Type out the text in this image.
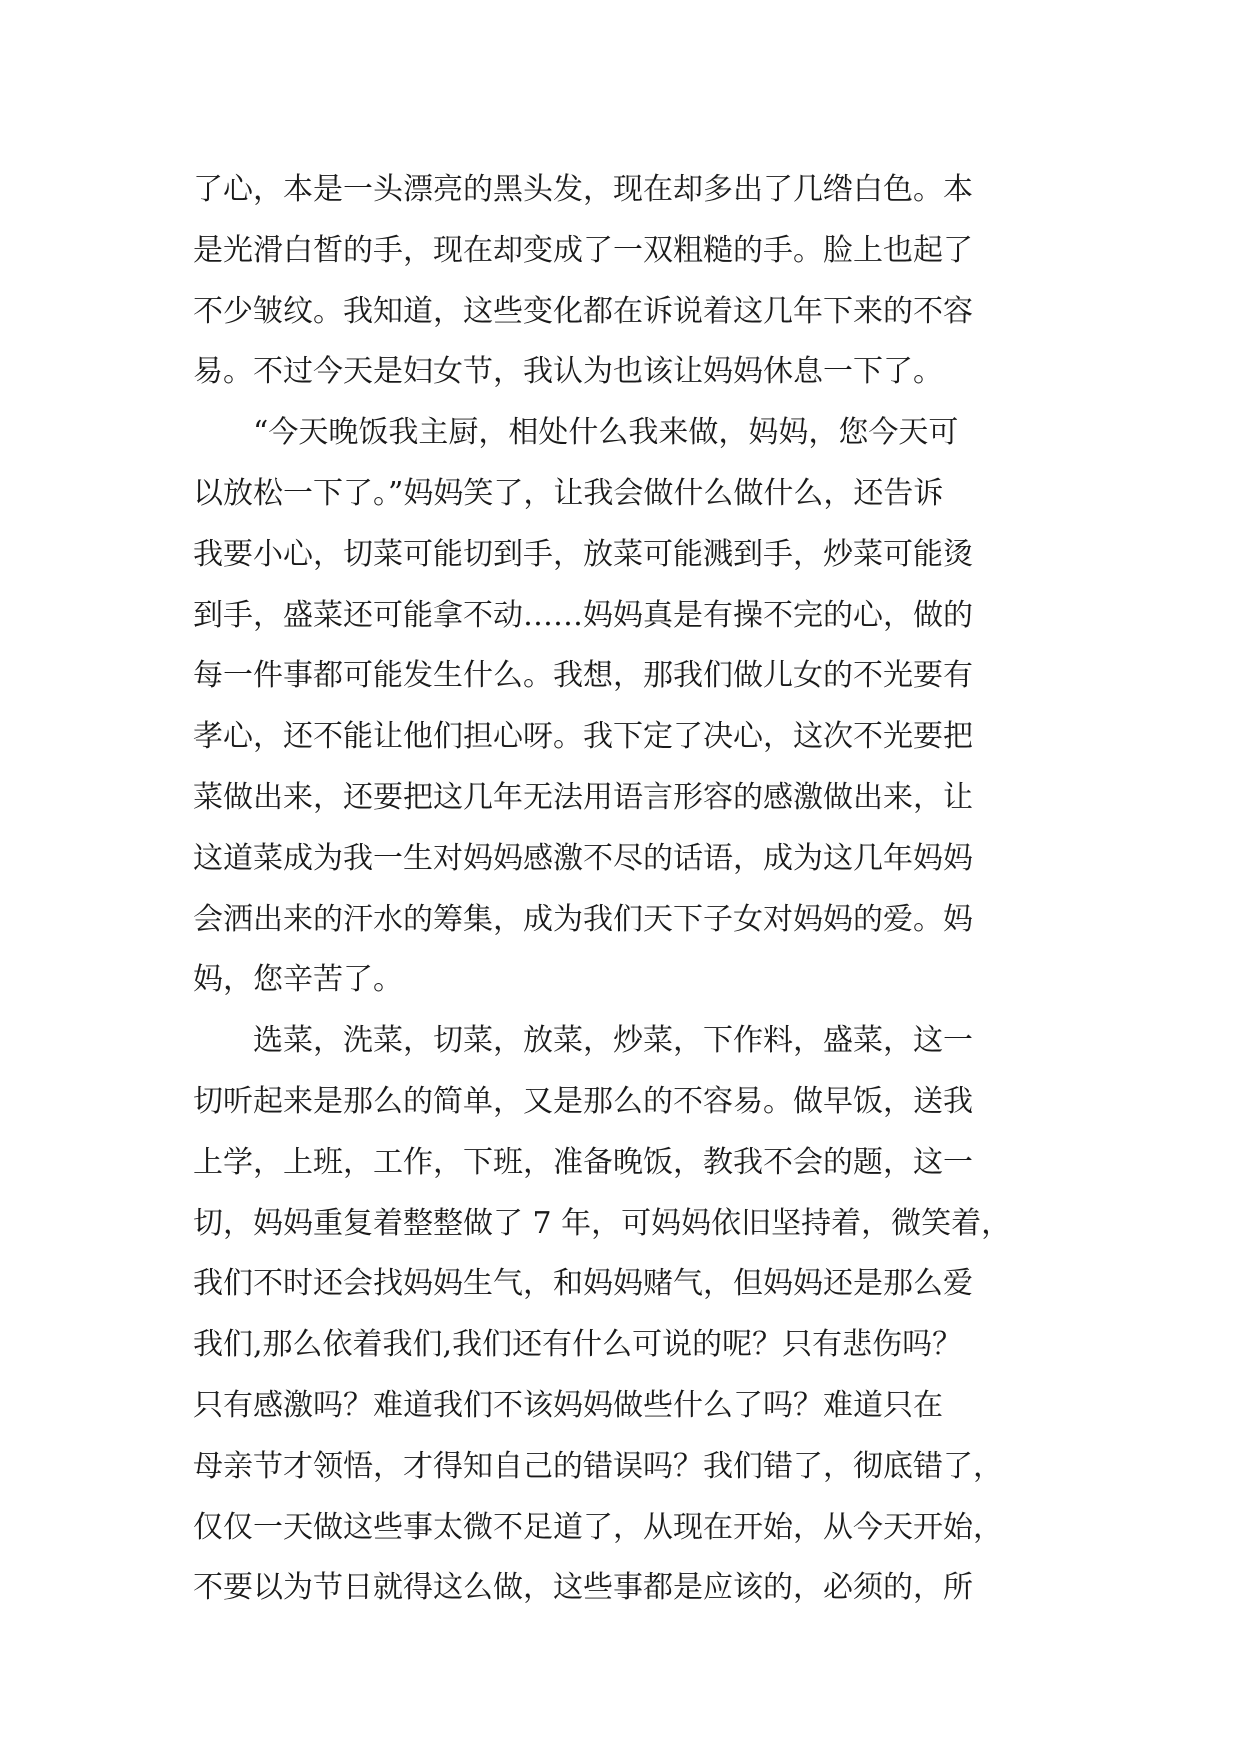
了心，本是一头漂亮的黑头发，现在却多出了几绺白色。本
是光滑白皙的手，现在却变成了一双粗糙的手。脸上也起了
不少皱纹。我知道，这些变化都在诉说着这几年下来的不容
易。不过今天是妇女节，我认为也该让妈妈休息一下了。
　　“今天晚饭我主厨，相处什么我来做，妈妈，您今天可
以放松一下了。”妈妈笑了，让我会做什么做什么，还告诉
我要小心，切菜可能切到手，放菜可能溅到手，炒菜可能烫
到手，盛菜还可能拿不动……妈妈真是有操不完的心，做的
每一件事都可能发生什么。我想，那我们做儿女的不光要有
孝心，还不能让他们担心呀。我下定了决心，这次不光要把
菜做出来，还要把这几年无法用语言形容的感激做出来，让
这道菜成为我一生对妈妈感激不尽的话语，成为这几年妈妈
会洒出来的汗水的筹集，成为我们天下子女对妈妈的爱。妈
妈，您辛苦了。
　　选菜，洗菜，切菜，放菜，炒菜，下作料，盛菜，这一
切听起来是那么的简单，又是那么的不容易。做早饭，送我
上学，上班，工作，下班，准备晚饭，教我不会的题，这一
切，妈妈重复着整整做了 7 年，可妈妈依旧坚持着，微笑着，
我们不时还会找妈妈生气，和妈妈赌气，但妈妈还是那么爱
我们,那么依着我们,我们还有什么可说的呢？只有悲伤吗？
只有感激吗？难道我们不该妈妈做些什么了吗？难道只在
母亲节才领悟，才得知自己的错误吗？我们错了，彻底错了，
仅仅一天做这些事太微不足道了，从现在开始，从今天开始，
不要以为节日就得这么做，这些事都是应该的，必须的，所
